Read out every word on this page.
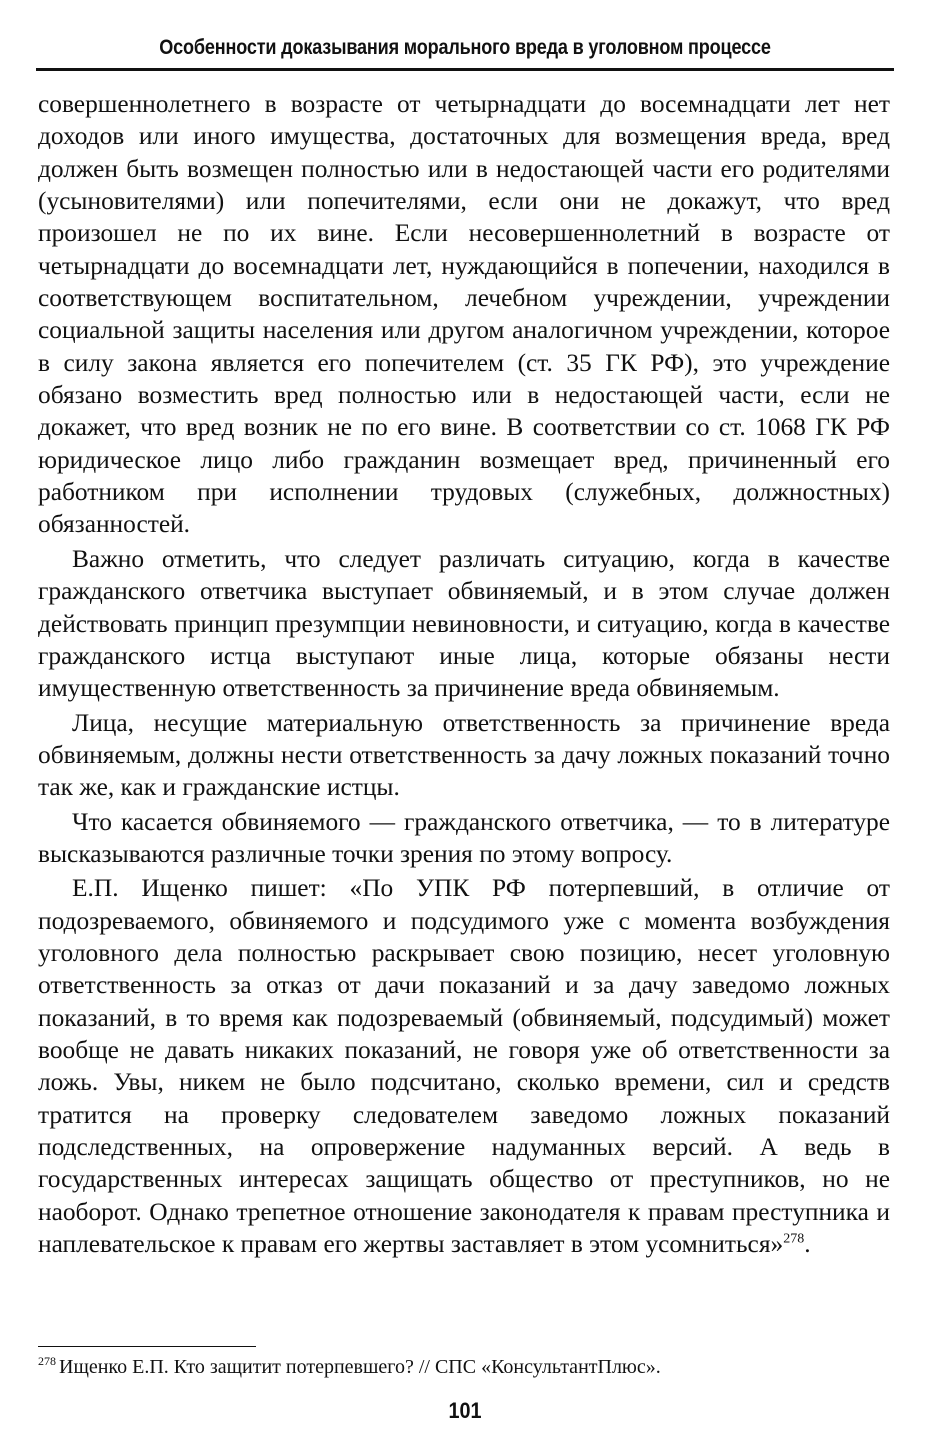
Особенности доказывания морального вреда в уголовном процессе

совершеннолетнего в возрасте от четырнадцати до восемнадцати лет нет доходов или иного имущества, достаточных для возмещения вреда, вред должен быть возмещен полностью или в недостающей части его родителями (усыновителями) или попечителями, если они не докажут, что вред произошел не по их вине. Если несовершеннолетний в возрасте от четырнадцати до восемнадцати лет, нуждающийся в попечении, находился в соответствующем воспитательном, лечебном учреждении, учреждении социальной защиты населения или другом аналогичном учреждении, которое в силу закона является его попечителем (ст. 35 ГК РФ), это учреждение обязано возместить вред полностью или в недостающей части, если не докажет, что вред возник не по его вине. В соответствии со ст. 1068 ГК РФ юридическое лицо либо гражданин возмещает вред, причиненный его работником при исполнении трудовых (служебных, должностных) обязанностей.

Важно отметить, что следует различать ситуацию, когда в качестве гражданского ответчика выступает обвиняемый, и в этом случае должен действовать принцип презумпции невиновности, и ситуацию, когда в качестве гражданского истца выступают иные лица, которые обязаны нести имущественную ответственность за причинение вреда обвиняемым.

Лица, несущие материальную ответственность за причинение вреда обвиняемым, должны нести ответственность за дачу ложных показаний точно так же, как и гражданские истцы.

Что касается обвиняемого — гражданского ответчика, — то в литературе высказываются различные точки зрения по этому вопросу.

Е.П. Ищенко пишет: «По УПК РФ потерпевший, в отличие от подозреваемого, обвиняемого и подсудимого уже с момента возбуждения уголовного дела полностью раскрывает свою позицию, несет уголовную ответственность за отказ от дачи показаний и за дачу заведомо ложных показаний, в то время как подозреваемый (обвиняемый, подсудимый) может вообще не давать никаких показаний, не говоря уже об ответственности за ложь. Увы, никем не было подсчитано, сколько времени, сил и средств тратится на проверку следователем заведомо ложных показаний подследственных, на опровержение надуманных версий. А ведь в государственных интересах защищать общество от преступников, но не наоборот. Однако трепетное отношение законодателя к правам преступника и наплевательское к правам его жертвы заставляет в этом усомниться»$^{278}$.

$^{278}$ Ищенко Е.П. Кто защитит потерпевшего? // СПС «КонсультантПлюс».
101
